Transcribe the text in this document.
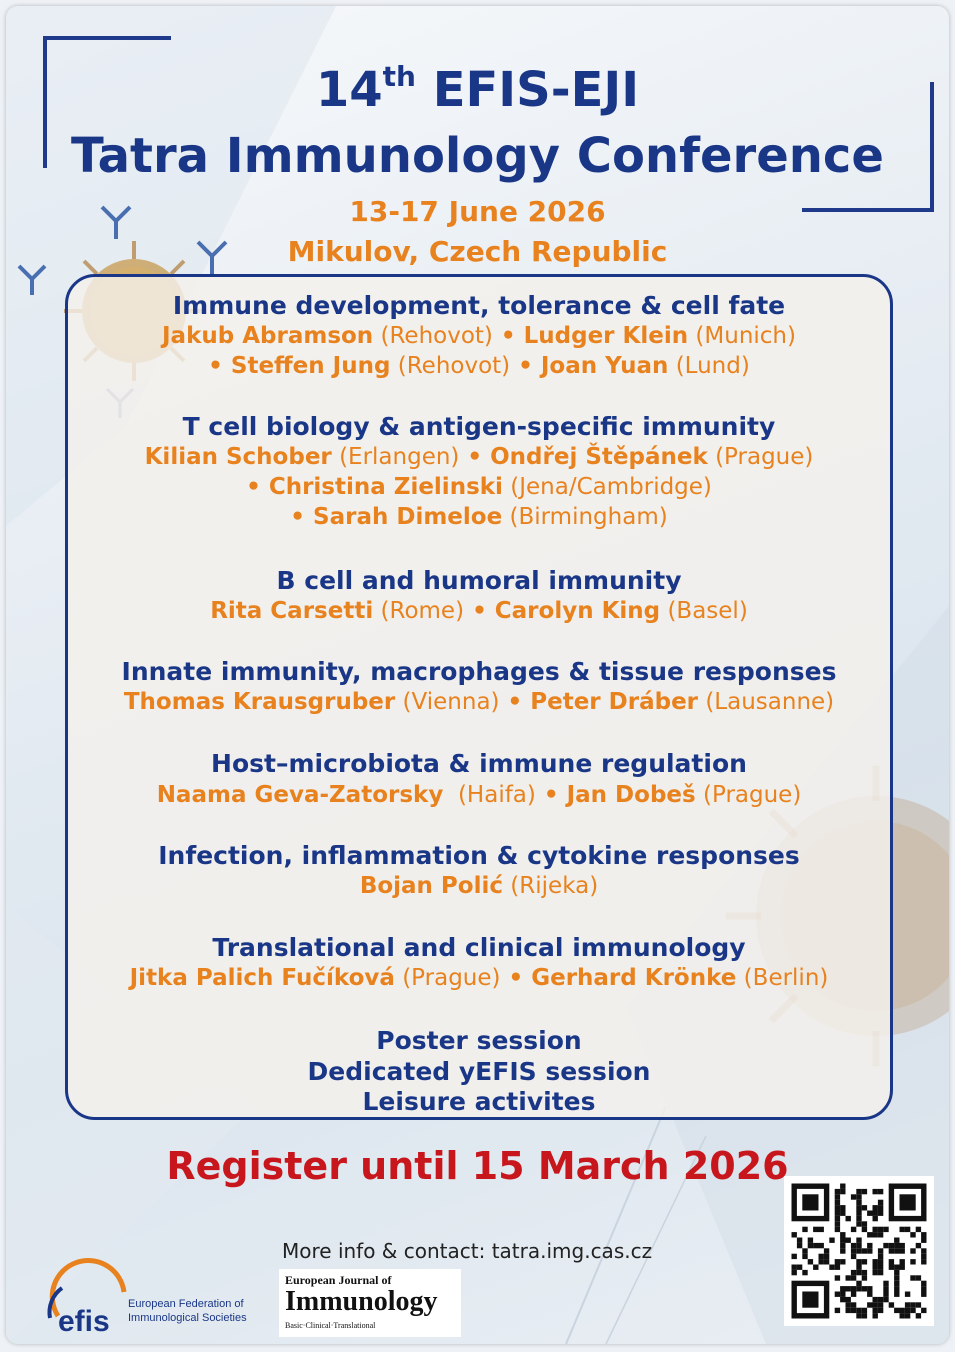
14th EFIS-EJI
Tatra Immunology Conference
13-17 June 2026
Mikulov, Czech Republic
Immune development, tolerance & cell fate
Jakub Abramson (Rehovot) • Ludger Klein (Munich)
• Steffen Jung (Rehovot) • Joan Yuan (Lund)
T cell biology & antigen-specific immunity
Kilian Schober (Erlangen) • Ondřej Štěpánek (Prague)
• Christina Zielinski (Jena/Cambridge)
• Sarah Dimeloe (Birmingham)
B cell and humoral immunity
Rita Carsetti (Rome) • Carolyn King (Basel)
Innate immunity, macrophages & tissue responses
Thomas Krausgruber (Vienna) • Peter Dráber (Lausanne)
Host–microbiota & immune regulation
Naama Geva-Zatorsky  (Haifa) • Jan Dobeš (Prague)
Infection, inflammation & cytokine responses
Bojan Polić (Rijeka)
Translational and clinical immunology
Jitka Palich Fučíková (Prague) • Gerhard Krönke (Berlin)
Poster session
Dedicated yEFIS session
Leisure activites
Register until 15 March 2026
More info & contact: tatra.img.cas.cz
efis
European Federation of
Immunological Societies
European Journal of
Immunology
Basic·Clinical·Translational
